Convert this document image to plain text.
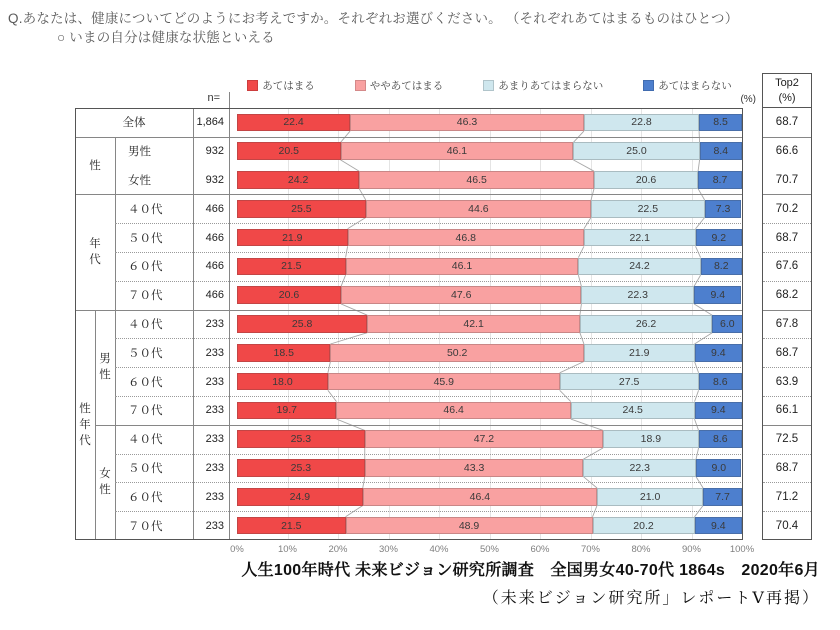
Q.あなたは、健康についてどのようにお考えですか。それぞれお選びください。 （それぞれあてはまるものはひとつ）
○ いまの自分は健康な状態といえる
あてはまる	ややあてはまる	あまりあてはまらない	あてはまらない
n=	(%)
Top2
(%)
全体	1,864	22.4	46.3	22.8	8.5	68.7
男性	932	20.5	46.1	25.0	8.4	66.6
女性	932	24.2	46.5	20.6	8.7	70.7
４０代	466	25.5	44.6	22.5	7.3	70.2
５０代	466	21.9	46.8	22.1	9.2	68.7
６０代	466	21.5	46.1	24.2	8.2	67.6
７０代	466	20.6	47.6	22.3	9.4	68.2
４０代	233	25.8	42.1	26.2	6.0	67.8
５０代	233	18.5	50.2	21.9	9.4	68.7
６０代	233	18.0	45.9	27.5	8.6	63.9
７０代	233	19.7	46.4	24.5	9.4	66.1
４０代	233	25.3	47.2	18.9	8.6	72.5
５０代	233	25.3	43.3	22.3	9.0	68.7
６０代	233	24.9	46.4	21.0	7.7	71.2
７０代	233	21.5	48.9	20.2	9.4	70.4
性
年代
男性
女性
性年代
0%	10%	20%	30%	40%	50%	60%	70%	80%	90%	100%
人生100年時代 未来ビジョン研究所調査　全国男女40-70代 1864s　2020年6月
（未来ビジョン研究所」レポートⅤ再掲）
